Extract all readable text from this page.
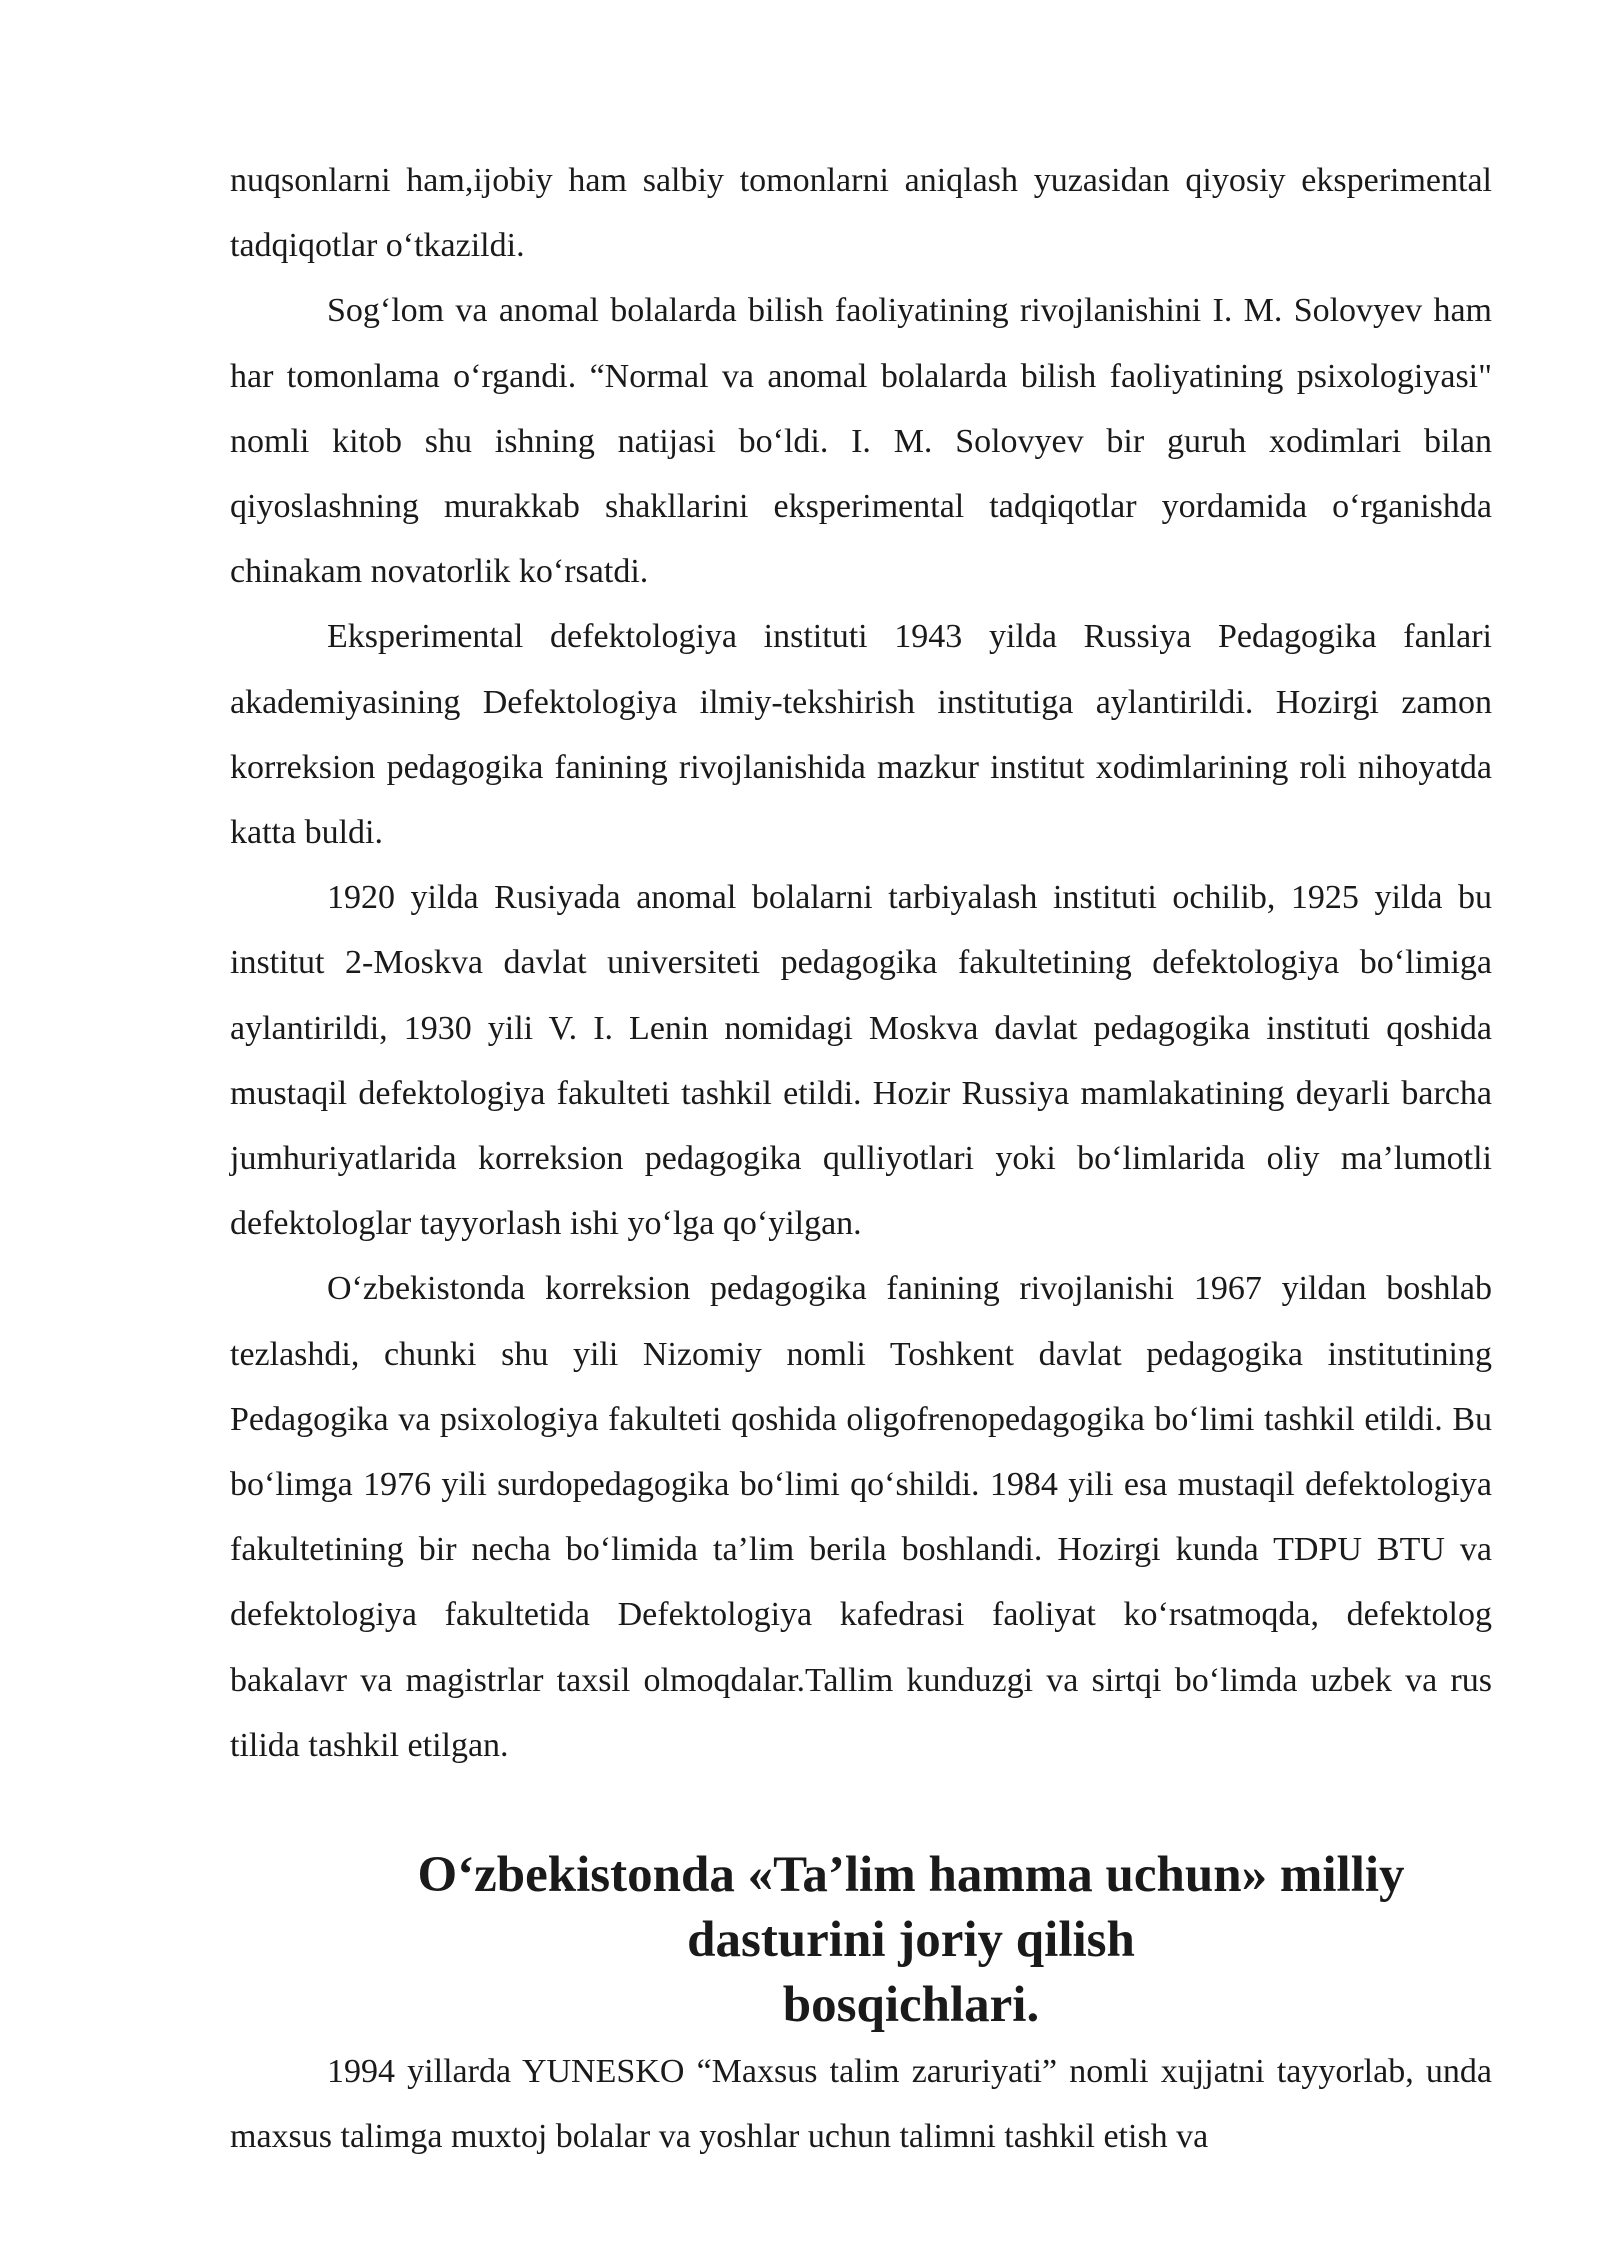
nuqsonlarni ham,ijobiy ham salbiy tomonlarni aniqlash yuzasidan qiyosiy eksperimental tadqiqotlar o‘tkazildi.

Sog‘lom va anomal bolalarda bilish faoliyatining rivojlanishini I. M. Solovyev ham har tomonlama o‘rgandi. “Normal va anomal bolalarda bilish faoliyatining psixologiyasi" nomli kitob shu ishning natijasi bo‘ldi. I. M. Solovyev bir guruh xodimlari bilan qiyoslashning murakkab shakllarini eksperimental tadqiqotlar yordamida o‘rganishda chinakam novatorlik ko‘rsatdi.

Eksperimental defektologiya instituti 1943 yilda Russiya Pedagogika fanlari akademiyasining Defektologiya ilmiy-tekshirish institutiga aylantirildi. Hozirgi zamon korreksion pedagogika fanining rivojlanishida mazkur institut xodimlarining roli nihoyatda katta buldi.

1920 yilda Rusiyada anomal bolalarni tarbiyalash instituti ochilib, 1925 yilda bu institut 2-Moskva davlat universiteti pedagogika fakultetining defektologiya bo‘limiga aylantirildi, 1930 yili V. I. Lenin nomidagi Moskva davlat pedagogika instituti qoshida mustaqil defektologiya fakulteti tashkil etildi. Hozir Russiya mamlakatining deyarli barcha jumhuriyatlarida korreksion pedagogika qulliyotlari yoki bo‘limlarida oliy ma’lumotli defektologlar tayyorlash ishi yo‘lga qo‘yilgan.

O‘zbekistonda korreksion pedagogika fanining rivojlanishi 1967 yildan boshlab tezlashdi, chunki shu yili Nizomiy nomli Toshkent davlat pedagogika institutining Pedagogika va psixologiya fakulteti qoshida oligofrenopedagogika bo‘limi tashkil etildi. Bu bo‘limga 1976 yili surdopedagogika bo‘limi qo‘shildi. 1984 yili esa mustaqil defektologiya fakultetining bir necha bo‘limida ta’lim berila boshlandi. Hozirgi kunda TDPU BTU va defektologiya fakultetida Defektologiya kafedrasi faoliyat ko‘rsatmoqda, defektolog bakalavr va magistrlar taxsil olmoqdalar.Tallim kunduzgi va sirtqi bo‘limda uzbek va rus tilida tashkil etilgan.

O‘zbekistonda «Ta’lim hamma uchun» milliy dasturini joriy qilish
bosqichlari.

1994 yillarda YUNESKO “Maxsus talim zaruriyati” nomli xujjatni tayyorlab, unda maxsus talimga muxtoj bolalar va yoshlar uchun talimni tashkil etish va
